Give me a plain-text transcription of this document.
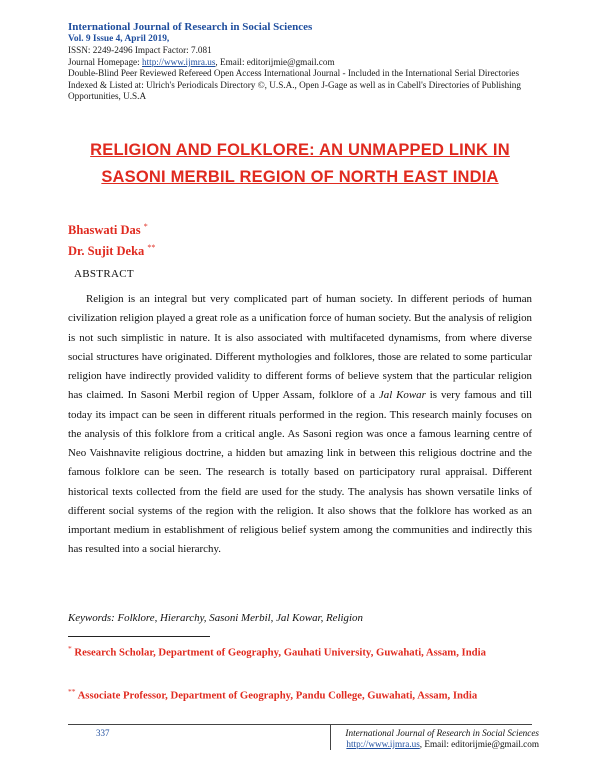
International Journal of Research in Social Sciences
Vol. 9 Issue 4, April 2019,
ISSN: 2249-2496 Impact Factor: 7.081
Journal Homepage: http://www.ijmra.us, Email: editorijmie@gmail.com
Double-Blind Peer Reviewed Refereed Open Access International Journal - Included in the International Serial Directories Indexed & Listed at: Ulrich's Periodicals Directory ©, U.S.A., Open J-Gage as well as in Cabell's Directories of Publishing Opportunities, U.S.A
RELIGION AND FOLKLORE: AN UNMAPPED LINK IN
SASONI MERBIL REGION OF NORTH EAST INDIA
Bhaswati Das *
Dr. Sujit Deka **
ABSTRACT

Religion is an integral but very complicated part of human society. In different periods of human civilization religion played a great role as a unification force of human society. But the analysis of religion is not such simplistic in nature. It is also associated with multifaceted dynamisms, from where diverse social structures have originated. Different mythologies and folklores, those are related to some particular religion have indirectly provided validity to different forms of believe system that the particular religion has claimed. In Sasoni Merbil region of Upper Assam, folklore of a Jal Kowar is very famous and till today its impact can be seen in different rituals performed in the region. This research mainly focuses on the analysis of this folklore from a critical angle. As Sasoni region was once a famous learning centre of Neo Vaishnavite religious doctrine, a hidden but amazing link in between this religious doctrine and the famous folklore can be seen. The research is totally based on participatory rural appraisal. Different historical texts collected from the field are used for the study. The analysis has shown versatile links of different social systems of the region with the religion. It also shows that the folklore has worked as an important medium in establishment of religious belief system among the communities and indirectly this has resulted into a social hierarchy.

Keywords: Folklore, Hierarchy, Sasoni Merbil, Jal Kowar, Religion
* Research Scholar, Department of Geography, Gauhati University, Guwahati, Assam, India
** Associate Professor, Department of Geography, Pandu College, Guwahati, Assam, India
337	International Journal of Research in Social Sciences
http://www.ijmra.us, Email: editorijmie@gmail.com
